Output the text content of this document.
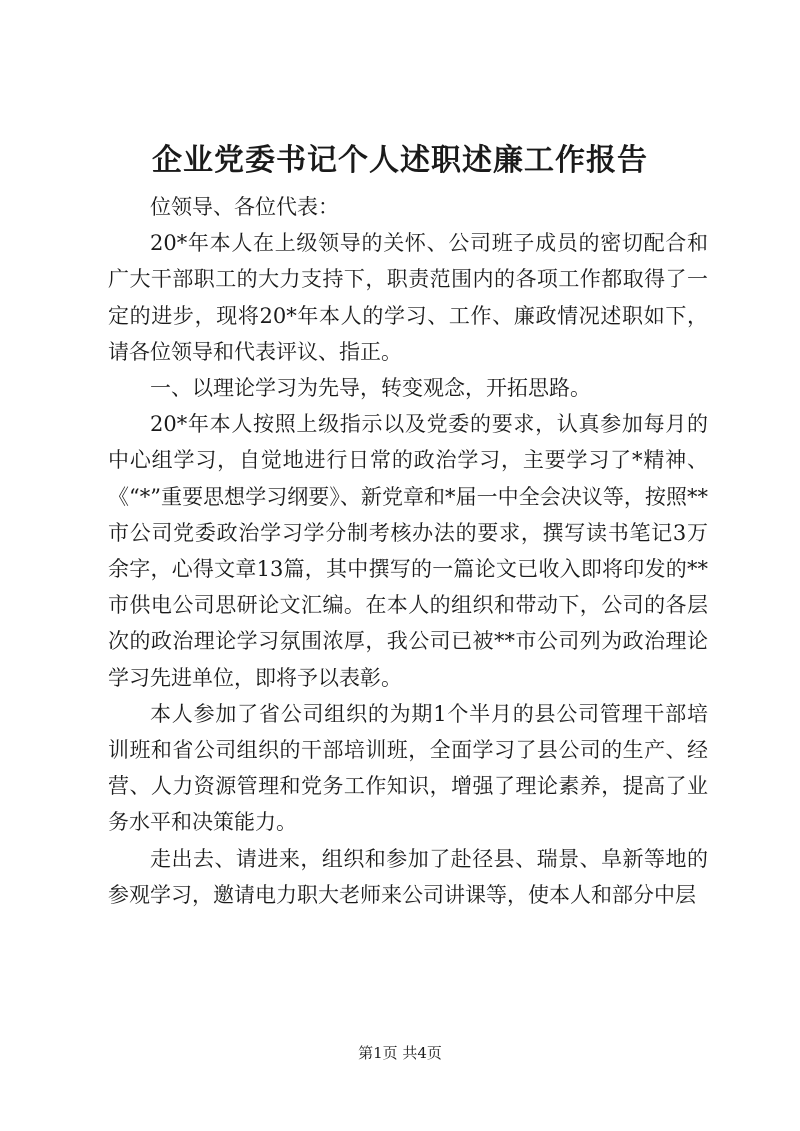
企业党委书记个人述职述廉工作报告

位领导、各位代表：

20*年本人在上级领导的关怀、公司班子成员的密切配合和广大干部职工的大力支持下，职责范围内的各项工作都取得了一定的进步，现将20*年本人的学习、工作、廉政情况述职如下，请各位领导和代表评议、指正。

一、以理论学习为先导，转变观念，开拓思路。

20*年本人按照上级指示以及党委的要求，认真参加每月的中心组学习，自觉地进行日常的政治学习，主要学习了*精神、《“*”重要思想学习纲要》、新党章和*届一中全会决议等，按照**市公司党委政治学习学分制考核办法的要求，撰写读书笔记3万余字，心得文章13篇，其中撰写的一篇论文已收入即将印发的**市供电公司思研论文汇编。在本人的组织和带动下，公司的各层次的政治理论学习氛围浓厚，我公司已被**市公司列为政治理论学习先进单位，即将予以表彰。

本人参加了省公司组织的为期1个半月的县公司管理干部培训班和省公司组织的干部培训班，全面学习了县公司的生产、经营、人力资源管理和党务工作知识，增强了理论素养，提高了业务水平和决策能力。

走出去、请进来，组织和参加了赴径县、瑞景、阜新等地的参观学习，邀请电力职大老师来公司讲课等，使本人和部分中层

第1页 共4页
